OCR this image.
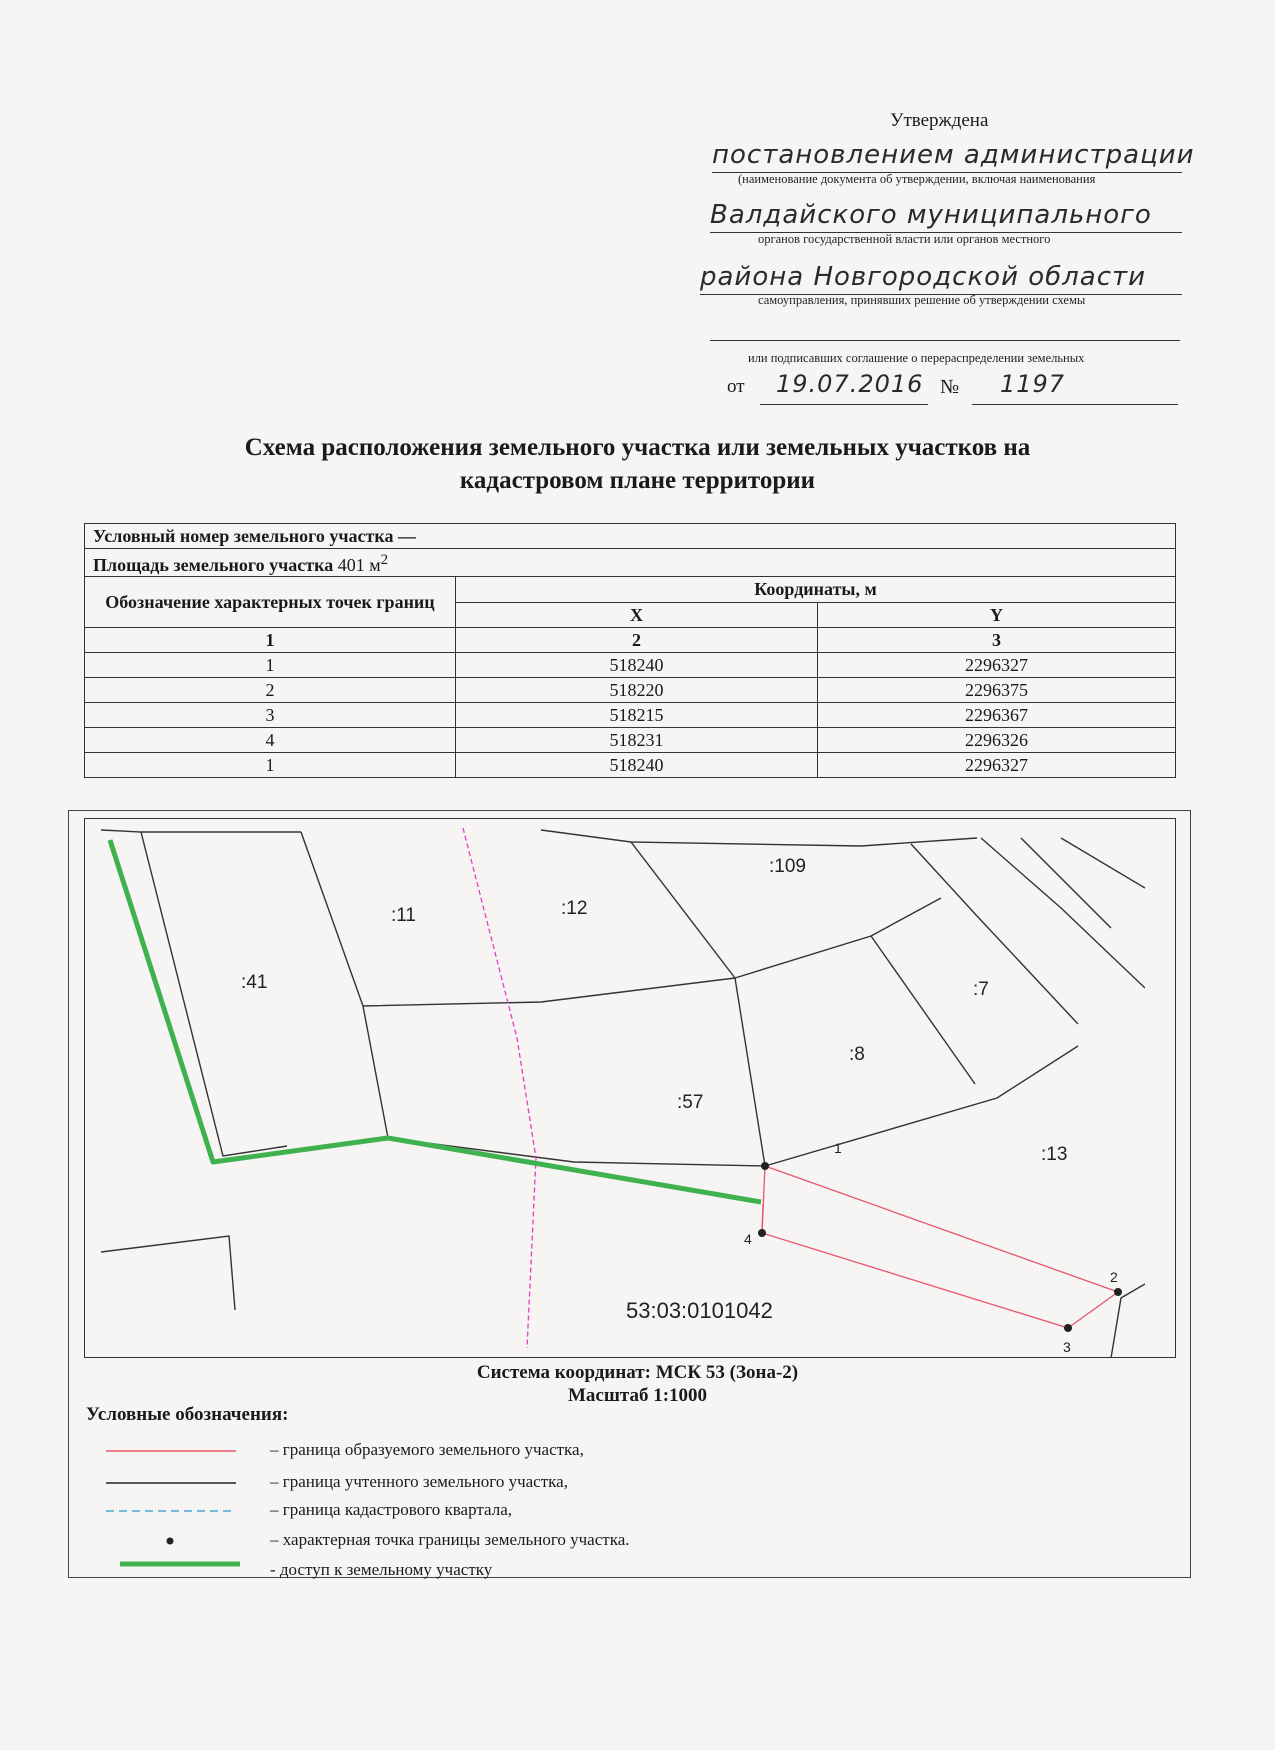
Утверждена
постановлением администрации
(наименование документа об утверждении, включая наименования
Валдайского муниципального
органов государственной власти или органов местного
района Новгородской области
самоуправления, принявших решение об утверждении схемы
или подписавших соглашение о перераспределении земельных
от 19.07.2016 № 1197
Схема расположения земельного участка или земельных участков на
кадастровом плане территории
Условный номер земельного участка —		
Площадь земельного участка 401 $м^2$
Обозначение характерных точек границ	Координаты, м	
	X	Y
1	2	3
1	518240	2296327
2	518220	2296375
3	518215	2296367
4	518231	2296326
1	518240	2296327
:41
:11	:12
:109
:7
:8
:57
:13
53:03:0101042
1
2
3
4
Система координат: МСК 53 (Зона-2)
Масштаб 1:1000
Условные обозначения:
– граница образуемого земельного участка,
– граница учтенного земельного участка,
– граница кадастрового квартала,
– характерная точка границы земельного участка.
- доступ к земельному участку
